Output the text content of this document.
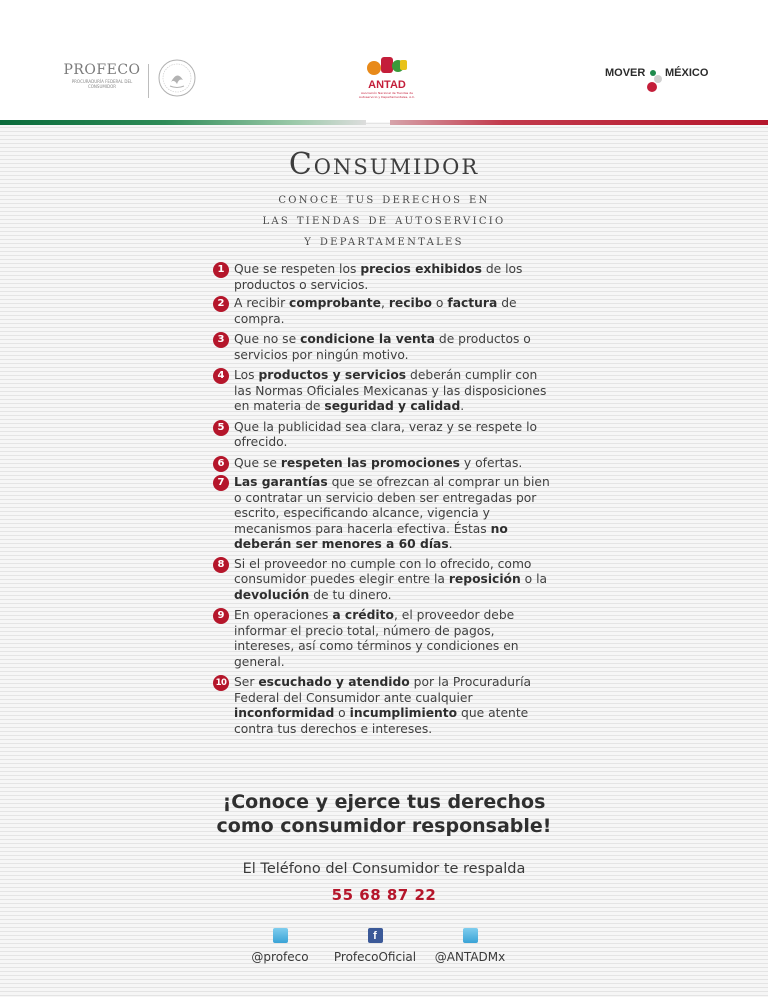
PROFECO
PROCURADURÍA FEDERAL DEL CONSUMIDOR	ANTAD
Asociación Nacional de Tiendas de Autoservicio y Departamentales, A.C.
MOVER MÉXICO
Consumidor
conoce tus derechos en
las tiendas de autoservicio
y departamentales
1 Que se respeten los precios exhibidos de los productos o servicios.
2 A recibir comprobante, recibo o factura de compra.
3 Que no se condicione la venta de productos o servicios por ningún motivo.
4 Los productos y servicios deberán cumplir con las Normas Oficiales Mexicanas y las disposiciones en materia de seguridad y calidad.
5 Que la publicidad sea clara, veraz y se respete lo ofrecido.
6 Que se respeten las promociones y ofertas.
7 Las garantías que se ofrezcan al comprar un bien o contratar un servicio deben ser entregadas por escrito, especificando alcance, vigencia y mecanismos para hacerla efectiva. Éstas no deberán ser menores a 60 días.
8 Si el proveedor no cumple con lo ofrecido, como consumidor puedes elegir entre la reposición o la devolución de tu dinero.
9 En operaciones a crédito, el proveedor debe informar el precio total, número de pagos, intereses, así como términos y condiciones en general.
10 Ser escuchado y atendido por la Procuraduría Federal del Consumidor ante cualquier inconformidad o incumplimiento que atente contra tus derechos e intereses.
¡Conoce y ejerce tus derechos
como consumidor responsable!
El Teléfono del Consumidor te respalda
55 68 87 22
@profeco
f
ProfecoOficial	@ANTADMx
